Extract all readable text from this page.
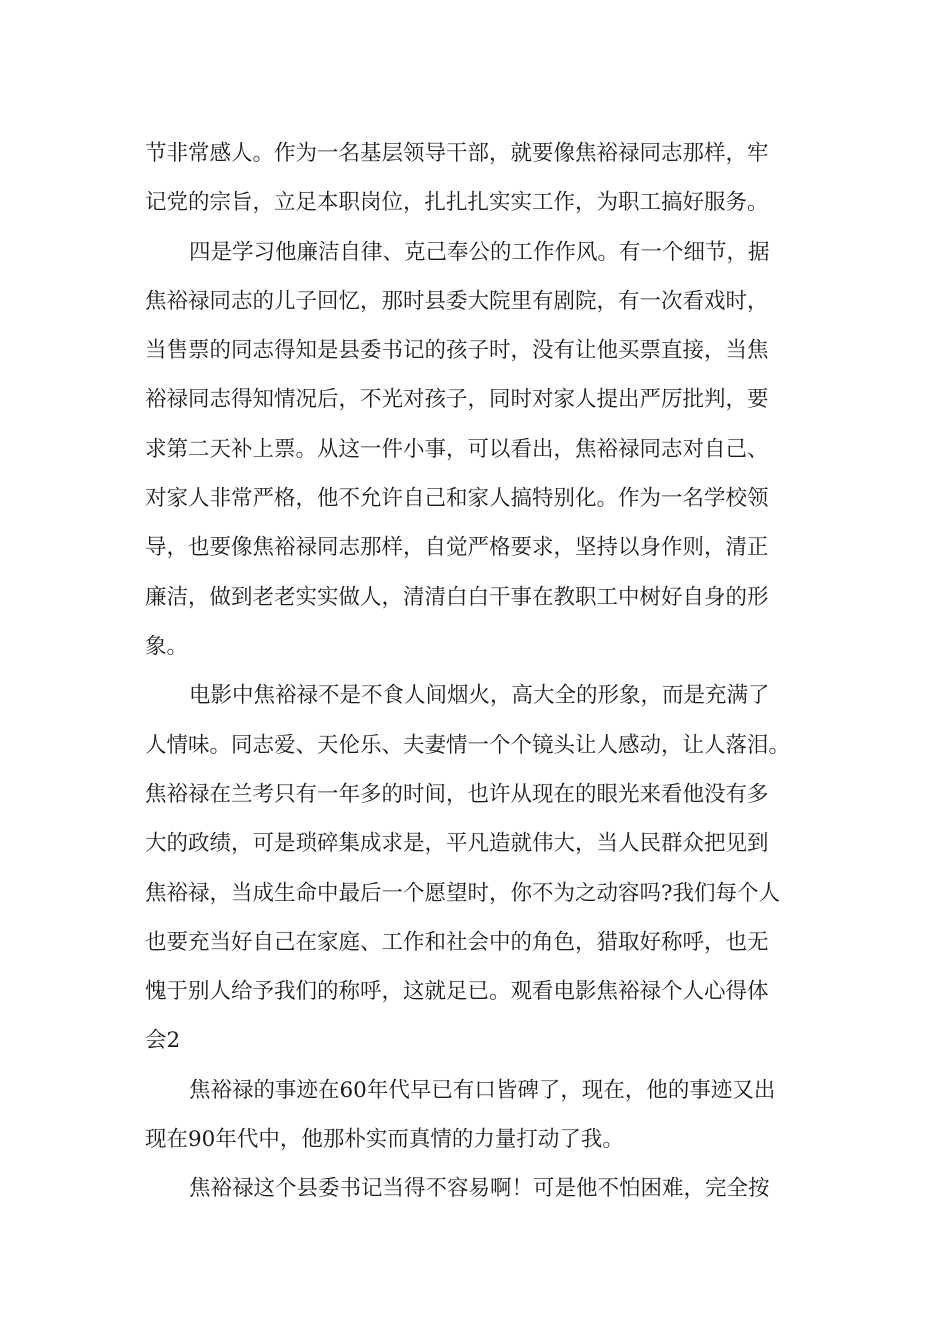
节非常感人。作为一名基层领导干部，就要像焦裕禄同志那样，牢

记党的宗旨，立足本职岗位，扎扎扎实实工作，为职工搞好服务。

四是学习他廉洁自律、克己奉公的工作作风。有一个细节，据

焦裕禄同志的儿子回忆，那时县委大院里有剧院，有一次看戏时，

当售票的同志得知是县委书记的孩子时，没有让他买票直接，当焦

裕禄同志得知情况后，不光对孩子，同时对家人提出严厉批判，要

求第二天补上票。从这一件小事，可以看出，焦裕禄同志对自己、

对家人非常严格，他不允许自己和家人搞特别化。作为一名学校领

导，也要像焦裕禄同志那样，自觉严格要求，坚持以身作则，清正

廉洁，做到老老实实做人，清清白白干事在教职工中树好自身的形

象。

电影中焦裕禄不是不食人间烟火，高大全的形象，而是充满了

人情味。同志爱、天伦乐、夫妻情一个个镜头让人感动，让人落泪。

焦裕禄在兰考只有一年多的时间，也许从现在的眼光来看他没有多

大的政绩，可是琐碎集成求是，平凡造就伟大，当人民群众把见到

焦裕禄，当成生命中最后一个愿望时，你不为之动容吗?我们每个人

也要充当好自己在家庭、工作和社会中的角色，猎取好称呼，也无

愧于别人给予我们的称呼，这就足已。观看电影焦裕禄个人心得体

会2

焦裕禄的事迹在60年代早已有口皆碑了，现在，他的事迹又出

现在90年代中，他那朴实而真情的力量打动了我。

焦裕禄这个县委书记当得不容易啊！可是他不怕困难，完全按
